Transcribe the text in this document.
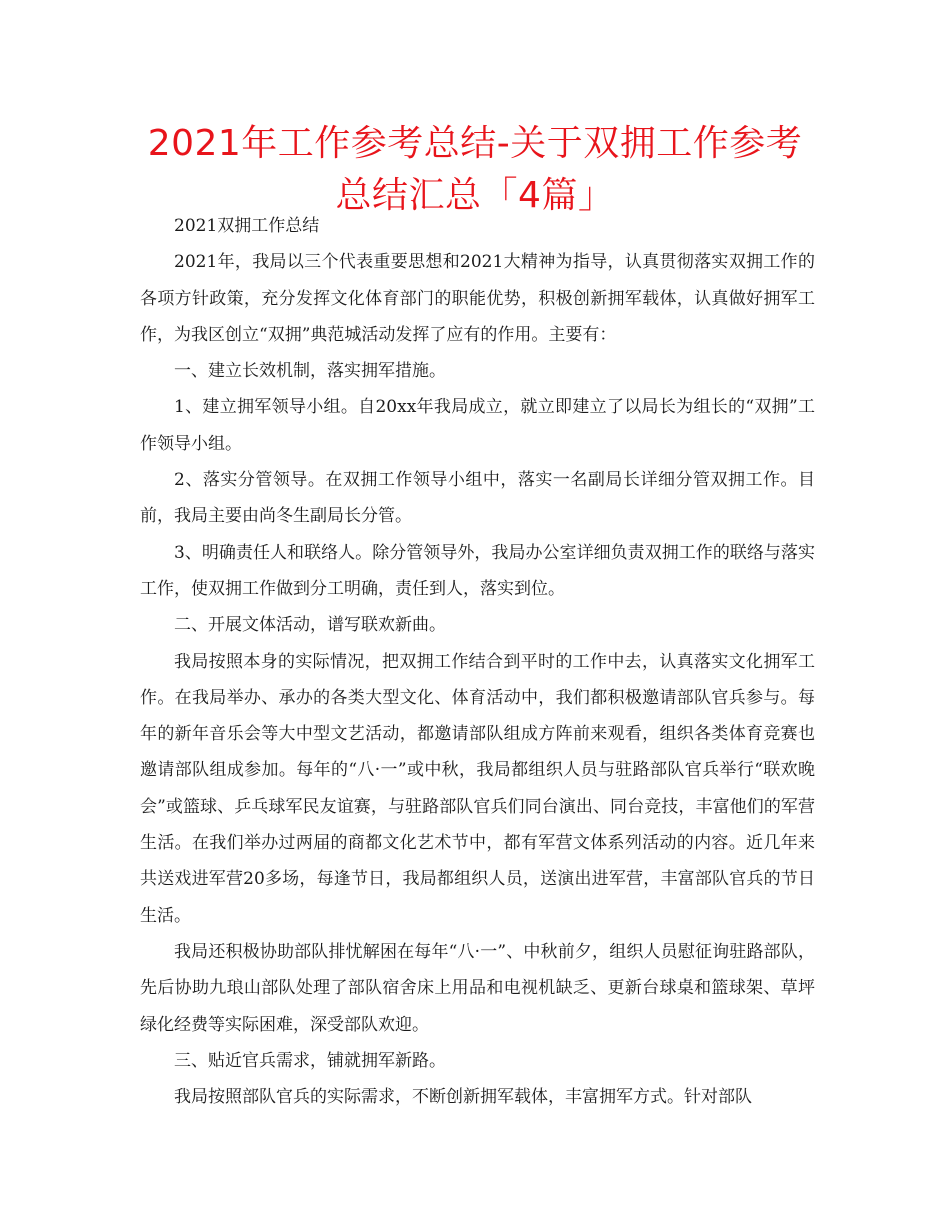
2021年工作参考总结-关于双拥工作参考总结汇总「4篇」

2021双拥工作总结

2021年，我局以三个代表重要思想和2021大精神为指导，认真贯彻落实双拥工作的各项方针政策，充分发挥文化体育部门的职能优势，积极创新拥军载体，认真做好拥军工作，为我区创立“双拥”典范城活动发挥了应有的作用。主要有：

一、建立长效机制，落实拥军措施。

1、建立拥军领导小组。自20xx年我局成立，就立即建立了以局长为组长的“双拥”工作领导小组。

2、落实分管领导。在双拥工作领导小组中，落实一名副局长详细分管双拥工作。目前，我局主要由尚冬生副局长分管。

3、明确责任人和联络人。除分管领导外，我局办公室详细负责双拥工作的联络与落实工作，使双拥工作做到分工明确，责任到人，落实到位。

二、开展文体活动，谱写联欢新曲。

我局按照本身的实际情况，把双拥工作结合到平时的工作中去，认真落实文化拥军工作。在我局举办、承办的各类大型文化、体育活动中，我们都积极邀请部队官兵参与。每年的新年音乐会等大中型文艺活动，都邀请部队组成方阵前来观看，组织各类体育竞赛也邀请部队组成参加。每年的“八·一”或中秋，我局都组织人员与驻路部队官兵举行“联欢晚会”或篮球、乒乓球军民友谊赛，与驻路部队官兵们同台演出、同台竞技，丰富他们的军营生活。在我们举办过两届的商都文化艺术节中，都有军营文体系列活动的内容。近几年来共送戏进军营20多场，每逢节日，我局都组织人员，送演出进军营，丰富部队官兵的节日生活。

我局还积极协助部队排忧解困在每年“八·一”、中秋前夕，组织人员慰征询驻路部队，先后协助九琅山部队处理了部队宿舍床上用品和电视机缺乏、更新台球桌和篮球架、草坪绿化经费等实际困难，深受部队欢迎。

三、贴近官兵需求，铺就拥军新路。

我局按照部队官兵的实际需求，不断创新拥军载体，丰富拥军方式。针对部队
